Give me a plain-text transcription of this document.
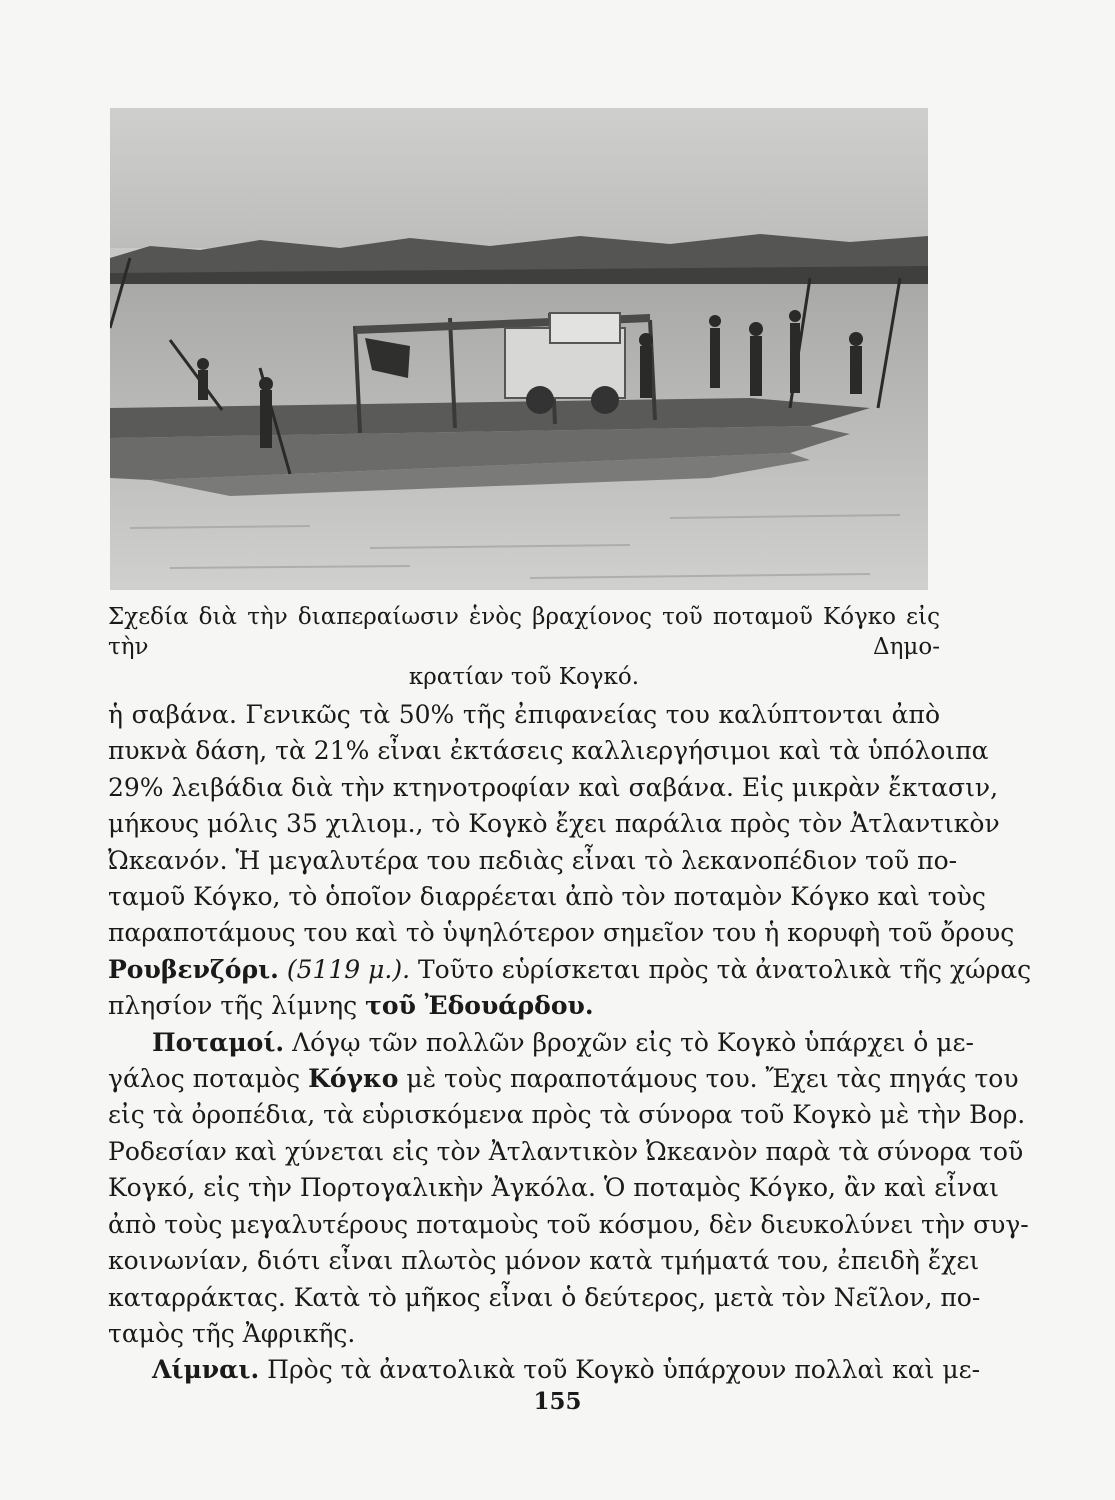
Σχεδία διὰ τὴν διαπεραίωσιν ἑνὸς βραχίονος τοῦ ποταμοῦ Κόγκο εἰς τὴν Δημο-
κρατίαν τοῦ Κογκό.
ἡ σαβάνα. Γενικῶς τὰ 50% τῆς ἐπιφανείας του καλύπτονται ἀπὸ
πυκνὰ δάση, τὰ 21% εἶναι ἐκτάσεις καλλιεργήσιμοι καὶ τὰ ὑπόλοιπα
29% λειβάδια διὰ τὴν κτηνοτροφίαν καὶ σαβάνα. Εἰς μικρὰν ἔκτασιν,
μήκους μόλις 35 χιλιομ., τὸ Κογκὸ ἔχει παράλια πρὸς τὸν Ἀτλαντικὸν
Ὠκεανόν. Ἡ μεγαλυτέρα του πεδιὰς εἶναι τὸ λεκανοπέδιον τοῦ πο-
ταμοῦ Κόγκο, τὸ ὁποῖον διαρρέεται ἀπὸ τὸν ποταμὸν Κόγκο καὶ τοὺς
παραποτάμους του καὶ τὸ ὑψηλότερον σημεῖον του ἡ κορυφὴ τοῦ ὄρους
Ρουβενζόρι. (5119 μ.). Τοῦτο εὑρίσκεται πρὸς τὰ ἀνατολικὰ τῆς χώρας
πλησίον τῆς λίμνης τοῦ Ἐδουάρδου.
Ποταμοί. Λόγῳ τῶν πολλῶν βροχῶν εἰς τὸ Κογκὸ ὑπάρχει ὁ με-
γάλος ποταμὸς Κόγκο μὲ τοὺς παραποτάμους του. Ἔχει τὰς πηγάς του
εἰς τὰ ὀροπέδια, τὰ εὑρισκόμενα πρὸς τὰ σύνορα τοῦ Κογκὸ μὲ τὴν Βορ.
Ροδεσίαν καὶ χύνεται εἰς τὸν Ἀτλαντικὸν Ὠκεανὸν παρὰ τὰ σύνορα τοῦ
Κογκό, εἰς τὴν Πορτογαλικὴν Ἀγκόλα. Ὁ ποταμὸς Κόγκο, ἂν καὶ εἶναι
ἀπὸ τοὺς μεγαλυτέρους ποταμοὺς τοῦ κόσμου, δὲν διευκολύνει τὴν συγ-
κοινωνίαν, διότι εἶναι πλωτὸς μόνον κατὰ τμήματά του, ἐπειδὴ ἔχει
καταρράκτας. Κατὰ τὸ μῆκος εἶναι ὁ δεύτερος, μετὰ τὸν Νεῖλον, πο-
ταμὸς τῆς Ἀφρικῆς.
Λίμναι. Πρὸς τὰ ἀνατολικὰ τοῦ Κογκὸ ὑπάρχουν πολλαὶ καὶ με-
155
